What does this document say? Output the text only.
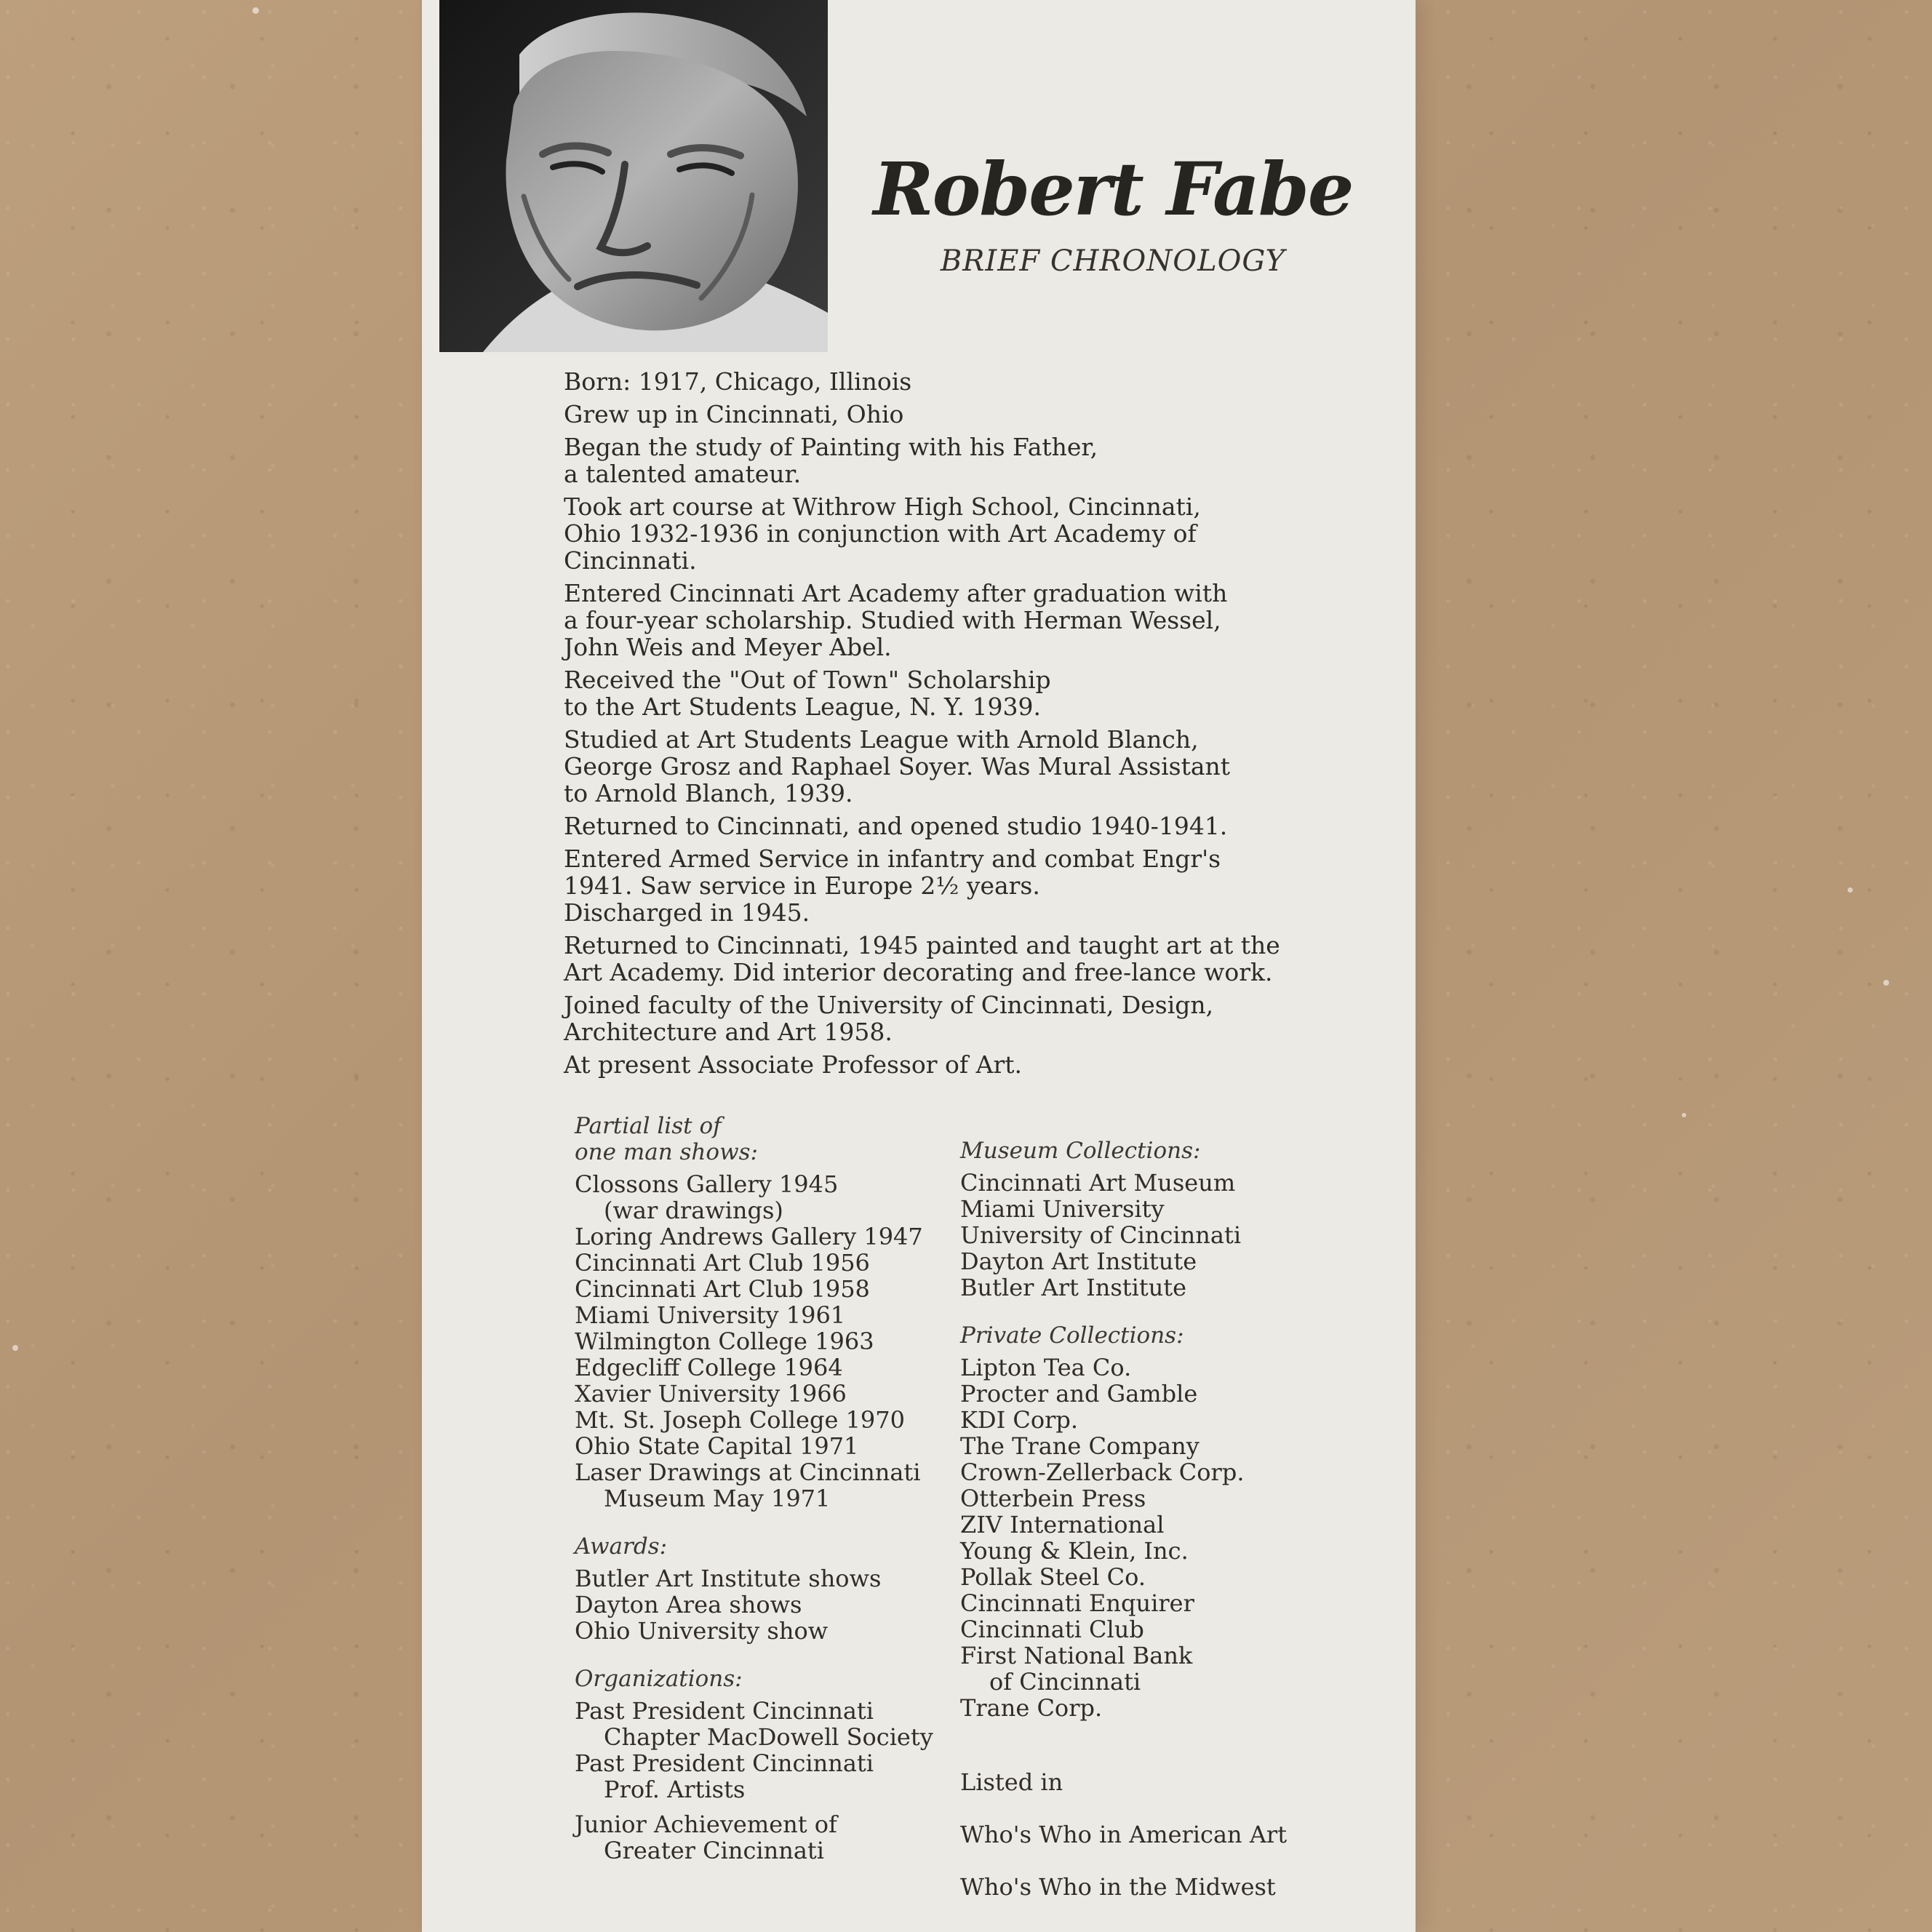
Robert Fabe
BRIEF CHRONOLOGY

Born: 1917, Chicago, Illinois

Grew up in Cincinnati, Ohio

Began the study of Painting with his Father,
a talented amateur.

Took art course at Withrow High School, Cincinnati,
Ohio 1932-1936 in conjunction with Art Academy of
Cincinnati.

Entered Cincinnati Art Academy after graduation with
a four-year scholarship. Studied with Herman Wessel,
John Weis and Meyer Abel.

Received the "Out of Town" Scholarship
to the Art Students League, N. Y. 1939.

Studied at Art Students League with Arnold Blanch,
George Grosz and Raphael Soyer. Was Mural Assistant
to Arnold Blanch, 1939.

Returned to Cincinnati, and opened studio 1940-1941.

Entered Armed Service in infantry and combat Engr's
1941. Saw service in Europe 2½ years.
Discharged in 1945.

Returned to Cincinnati, 1945 painted and taught art at the
Art Academy. Did interior decorating and free-lance work.

Joined faculty of the University of Cincinnati, Design,
Architecture and Art 1958.

At present Associate Professor of Art.

Partial list of
one man shows:
Clossons Gallery 1945
(war drawings)
Loring Andrews Gallery 1947
Cincinnati Art Club 1956
Cincinnati Art Club 1958
Miami University 1961
Wilmington College 1963
Edgecliff College 1964
Xavier University 1966
Mt. St. Joseph College 1970
Ohio State Capital 1971
Laser Drawings at Cincinnati
Museum May 1971
Awards:
Butler Art Institute shows
Dayton Area shows
Ohio University show
Organizations:
Past President Cincinnati
Chapter MacDowell Society
Past President Cincinnati
Prof. Artists
Junior Achievement of
Greater Cincinnati
Museum Collections:
Cincinnati Art Museum
Miami University
University of Cincinnati
Dayton Art Institute
Butler Art Institute
Private Collections:
Lipton Tea Co.
Procter and Gamble
KDI Corp.
The Trane Company
Crown-Zellerback Corp.
Otterbein Press
ZIV International
Young & Klein, Inc.
Pollak Steel Co.
Cincinnati Enquirer
Cincinnati Club
First National Bank
of Cincinnati
Trane Corp.

Listed in

Who's Who in American Art

Who's Who in the Midwest
